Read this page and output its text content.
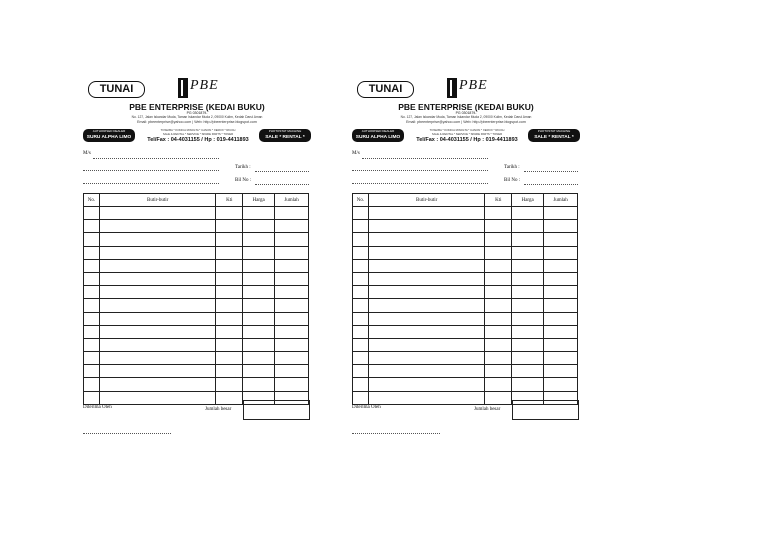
TUNAI	PBE
PBE ENTERPRISE (KEDAI BUKU)
PG 0301879-
No. 127, Jalan Iskandar Muda, Taman Iskandar Muda 2, 09000 Kulim, Kedah Darul Aman
Email: pbeenterprise@yahoo.com | Web: http://pbeenterprise.blogspot.com
AUTHORISED DEALER
SURU ALPHA LIMO
TOSHIBA * KONICA MINOLTA * CANON * XEROX * RICOH
SALE & RENTAL * SERVICE * SPARE PARTS * TONER
Tel/Fax : 04-4031155 / Hp : 019-4411893
PHOTOSTAT MACHINE
SALE * RENTAL * SERVICE
M/s
Tarikh :
Bil No :
No.	Butir-butir	Kti	Harga	Jumlah

Diterima Oleh	Jumlah besar
TUNAI	PBE
PBE ENTERPRISE (KEDAI BUKU)
PG 0301879-
No. 127, Jalan Iskandar Muda, Taman Iskandar Muda 2, 09000 Kulim, Kedah Darul Aman
Email: pbeenterprise@yahoo.com | Web: http://pbeenterprise.blogspot.com
AUTHORISED DEALER
SURU ALPHA LIMO
TOSHIBA * KONICA MINOLTA * CANON * XEROX * RICOH
SALE & RENTAL * SERVICE * SPARE PARTS * TONER
Tel/Fax : 04-4031155 / Hp : 019-4411893
PHOTOSTAT MACHINE
SALE * RENTAL * SERVICE
M/s
Tarikh :
Bil No :
No.	Butir-butir	Kti	Harga	Jumlah

Diterima Oleh	Jumlah besar
